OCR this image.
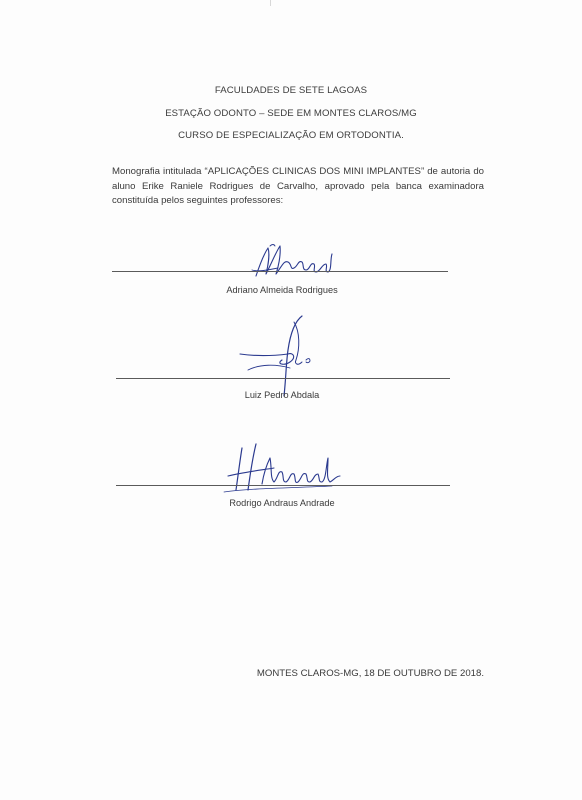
FACULDADES DE SETE LAGOAS
ESTAÇÃO ODONTO – SEDE EM MONTES CLAROS/MG
CURSO DE ESPECIALIZAÇÃO EM ORTODONTIA.
Monografia intitulada “APLICAÇÕES CLINICAS DOS MINI IMPLANTES” de autoria do aluno Erike Raniele Rodrigues de Carvalho, aprovado pela banca examinadora constituída pelos seguintes professores:
Adriano Almeida Rodrigues
Luiz Pedro Abdala
Rodrigo Andraus Andrade
MONTES CLAROS-MG, 18 DE OUTUBRO DE 2018.
